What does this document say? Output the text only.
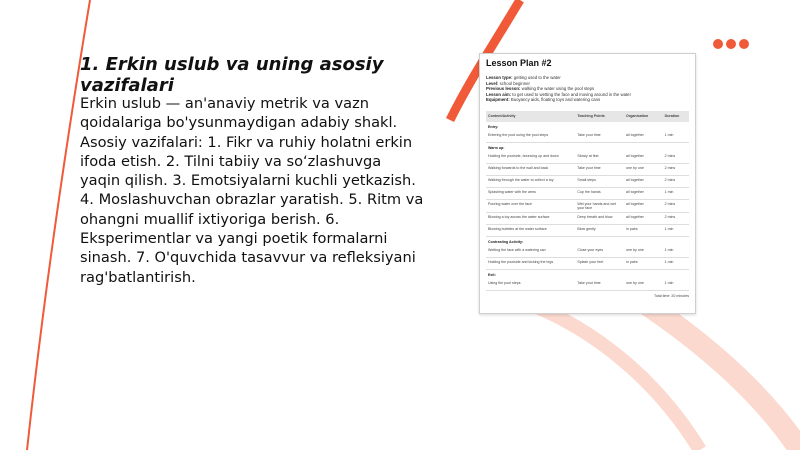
1. Erkin uslub va uning asosiy vazifalari

Erkin uslub — an'anaviy metrik va vazn qoidalariga bo'ysunmaydigan adabiy shakl. Asosiy vazifalari: 1. Fikr va ruhiy holatni erkin ifoda etish. 2. Tilni tabiiy va so‘zlashuvga yaqin qilish. 3. Emotsiyalarni kuchli yetkazish. 4. Moslashuvchan obrazlar yaratish. 5. Ritm va ohangni muallif ixtiyoriga berish. 6. Eksperimentlar va yangi poetik formalarni sinash. 7. O'quvchida tasavvur va refleksiyani rag'batlantirish.

Lesson Plan #2
Lesson type: getting used to the water
Level: school beginner
Previous lesson: walking the water using the pool steps
Lesson aim: to get used to wetting the face and moving around in the water
Equipment: Buoyancy aids, floating toys and watering cans
Content/Activity	Teaching Points	Organisation	Duration
Entry:			
Entering the pool using the pool steps	Take your time	all together	1 min
Warm up:			
Holding the poolside, bouncing up and down	Slowly at first	all together	2 mins
Walking forwards to the wall and back	Take your time	one by one	2 mins
Walking through the water to collect a toy	Small steps	all together	2 mins
Splashing water with the arms	Cup the hands	all together	1 min
Pouring water over the face	Wet your hands and wet your face	all together	2 mins
Blowing a toy across the water surface	Deep breath and blow	all together	2 mins
Blowing bubbles at the water surface	Blow gently	in pairs	1 min
Contrasting Activity:			
Wetting the face with a watering can	Close your eyes	one by one	1 min
Holding the poolside and kicking the legs	Splash your feet	in pairs	1 min
Exit:			
Using the pool steps	Take your time	one by one	1 min
Total time: 20 minutes
